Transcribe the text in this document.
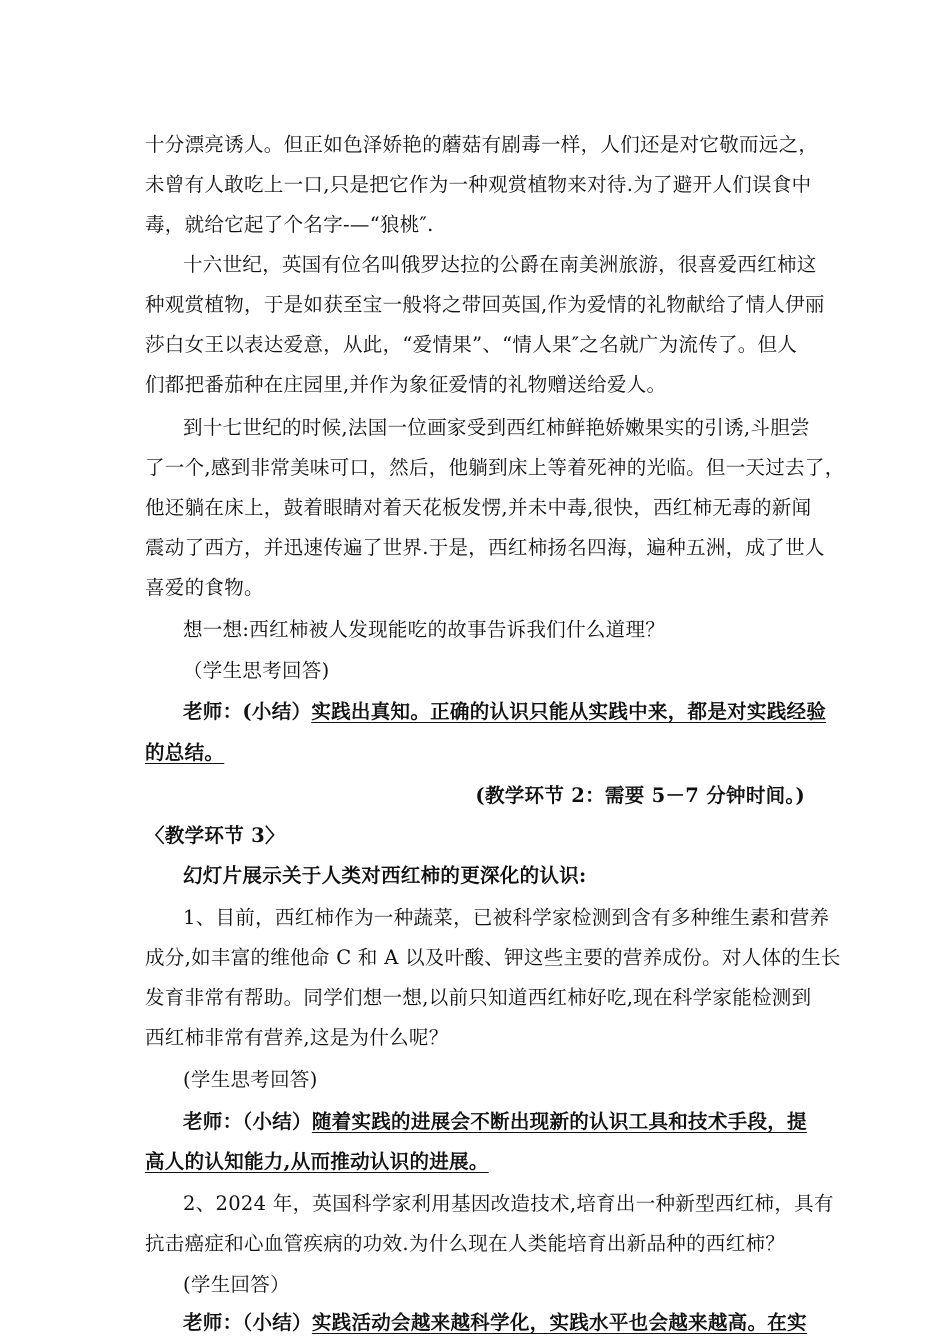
十分漂亮诱人。但正如色泽娇艳的蘑菇有剧毒一样，人们还是对它敬而远之，
未曾有人敢吃上一口,只是把它作为一种观赏植物来对待.为了避开人们误食中
毒，就给它起了个名字-—“狼桃″.
十六世纪，英国有位名叫俄罗达拉的公爵在南美洲旅游，很喜爱西红柿这
种观赏植物，于是如获至宝一般将之带回英国,作为爱情的礼物献给了情人伊丽
莎白女王以表达爱意，从此，“爱情果”、“情人果″之名就广为流传了。但人
们都把番茄种在庄园里,并作为象征爱情的礼物赠送给爱人。
到十七世纪的时候,法国一位画家受到西红柿鲜艳娇嫩果实的引诱,斗胆尝
了一个,感到非常美味可口，然后，他躺到床上等着死神的光临。但一天过去了，
他还躺在床上，鼓着眼睛对着天花板发愣,并未中毒,很快，西红柿无毒的新闻
震动了西方，并迅速传遍了世界.于是，西红柿扬名四海，遍种五洲，成了世人
喜爱的食物。
想一想:西红柿被人发现能吃的故事告诉我们什么道理？
（学生思考回答)
老师：(小结）实践出真知。正确的认识只能从实践中来，都是对实践经验
的总结。
(教学环节 2：需要 5－7 分钟时间。)
〈教学环节 3〉
幻灯片展示关于人类对西红柿的更深化的认识:
1、目前，西红柿作为一种蔬菜，已被科学家检测到含有多种维生素和营养
成分,如丰富的维他命 C 和 A 以及叶酸、钾这些主要的营养成份。对人体的生长
发育非常有帮助。同学们想一想,以前只知道西红柿好吃,现在科学家能检测到
西红柿非常有营养,这是为什么呢？
(学生思考回答)
老师：（小结）随着实践的进展会不断出现新的认识工具和技术手段，提
高人的认知能力,从而推动认识的进展。
2、2024 年，英国科学家利用基因改造技术,培育出一种新型西红柿，具有
抗击癌症和心血管疾病的功效.为什么现在人类能培育出新品种的西红柿？
(学生回答）
老师：（小结）实践活动会越来越科学化，实践水平也会越来越高。在实
